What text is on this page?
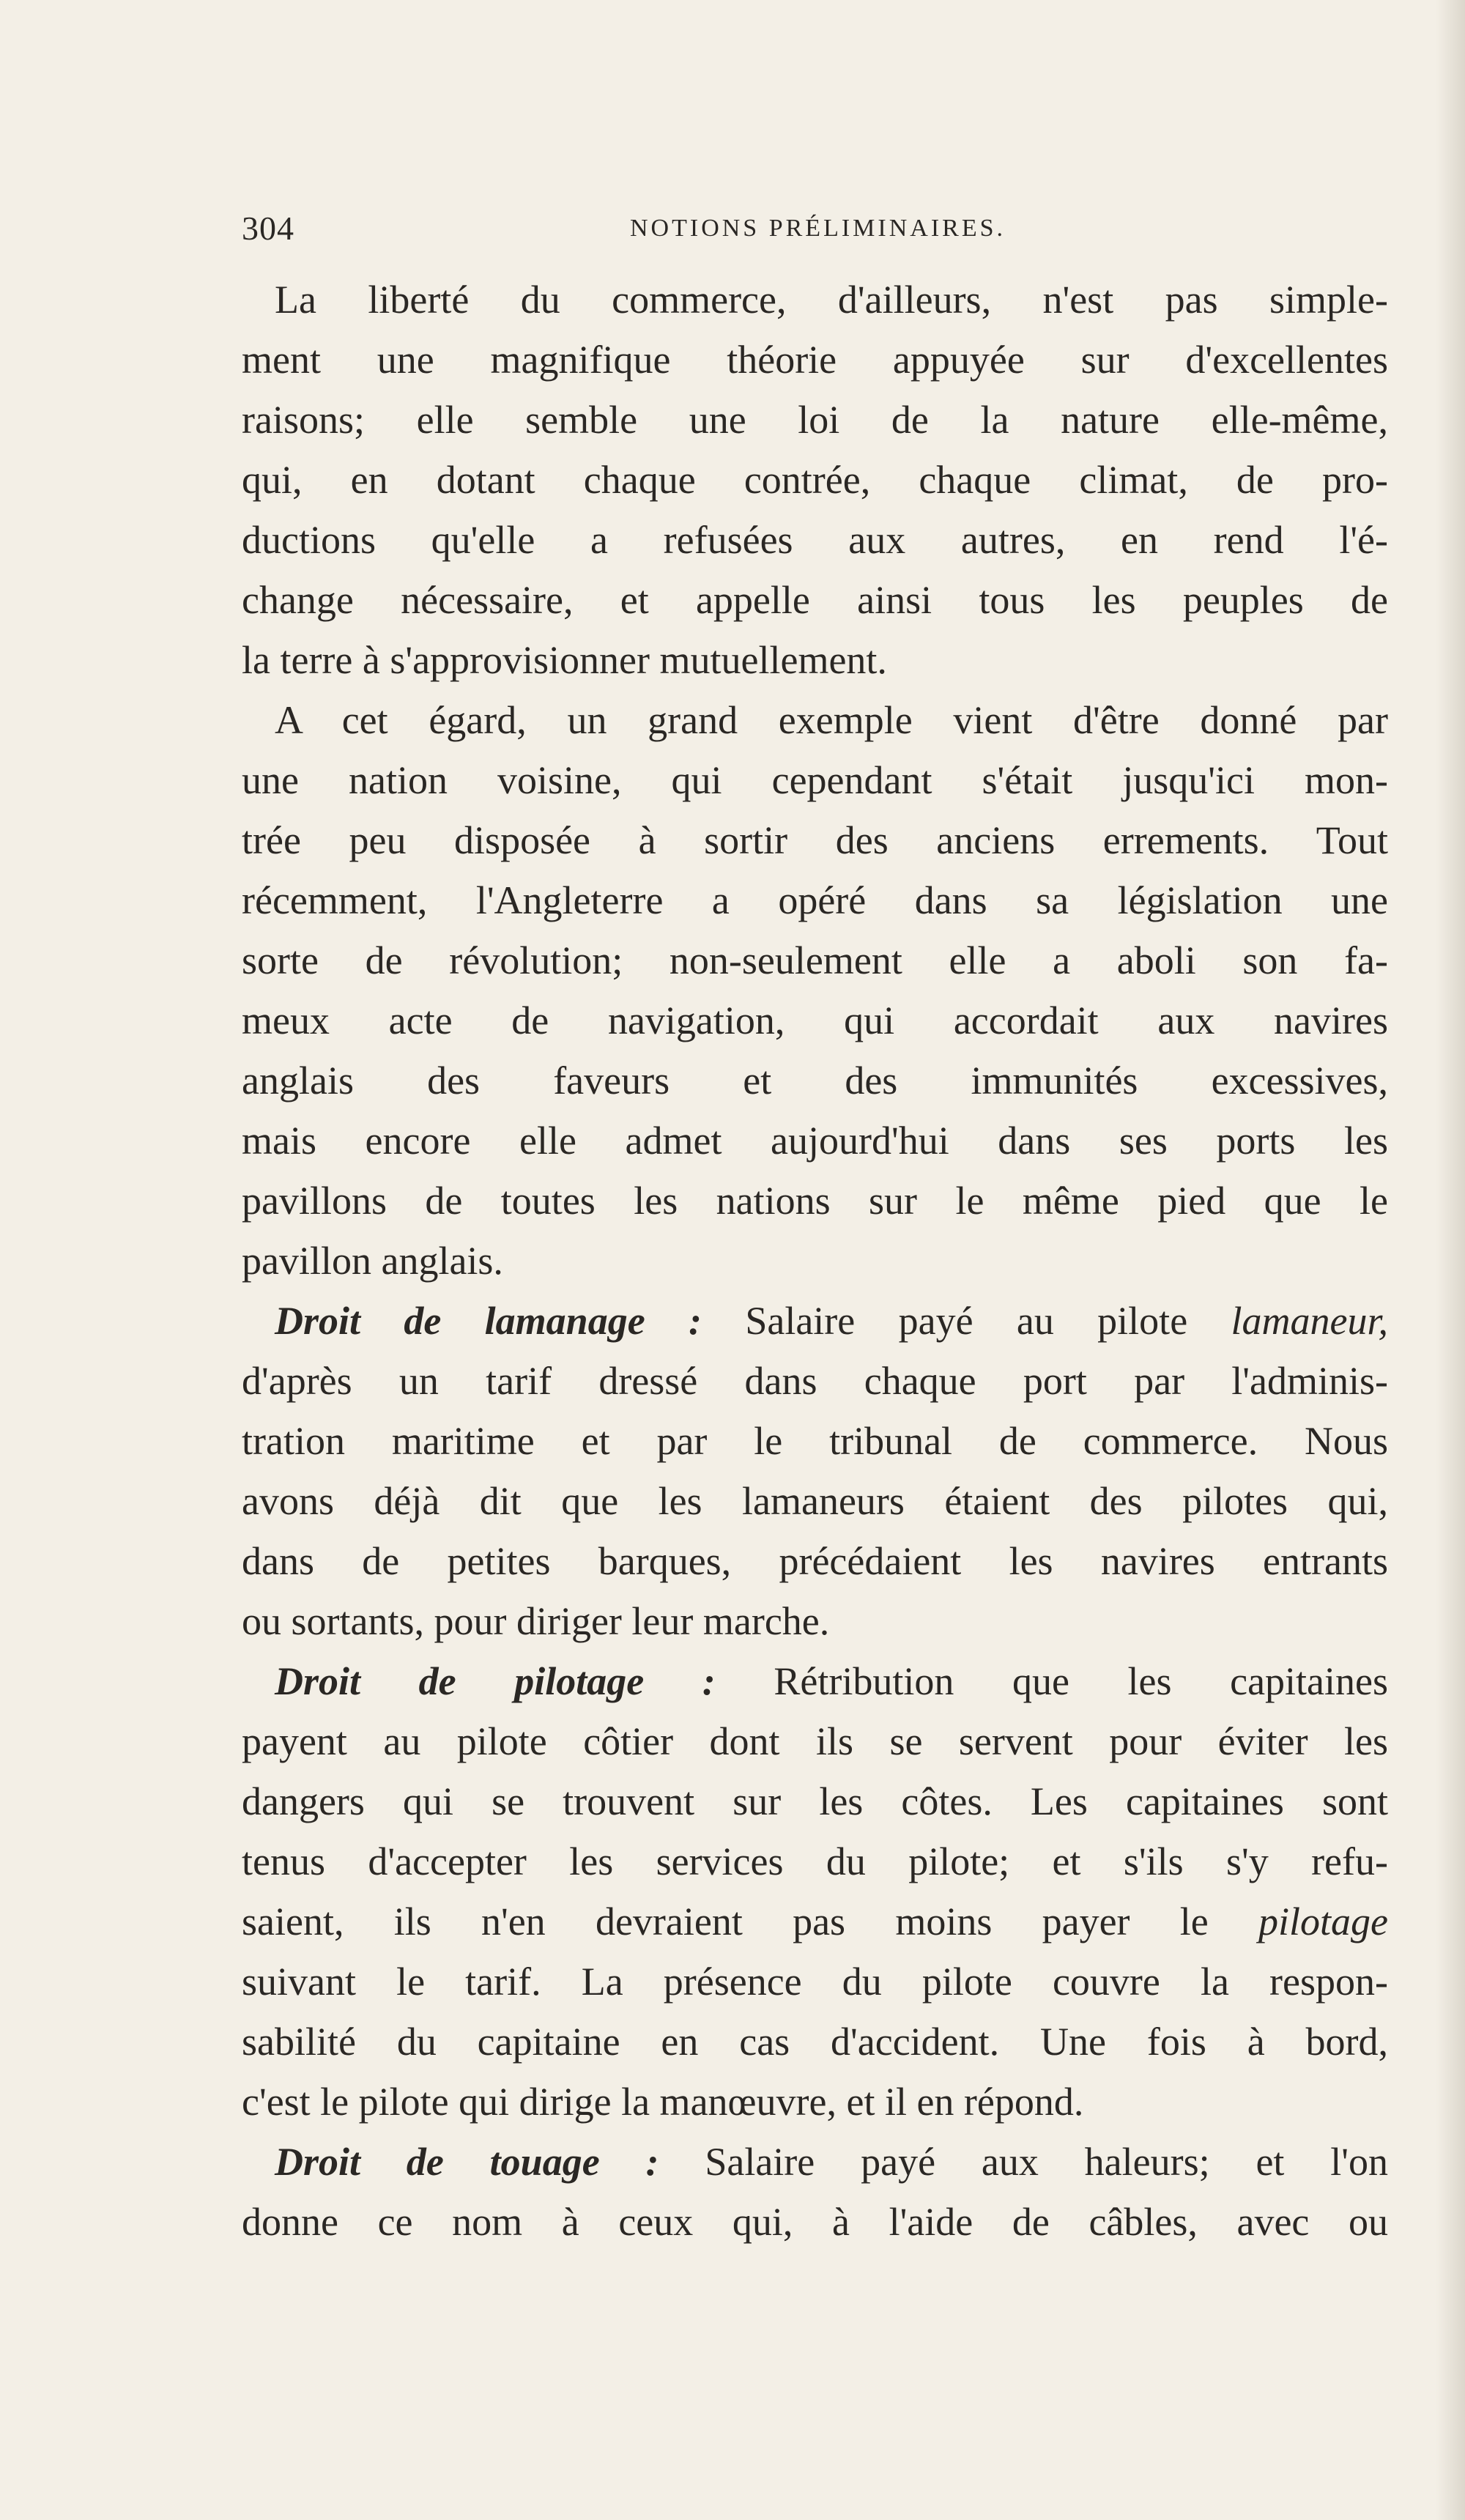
304	NOTIONS PRÉLIMINAIRES.
La liberté du commerce, d'ailleurs, n'est pas simple-
ment une magnifique théorie appuyée sur d'excellentes
raisons; elle semble une loi de la nature elle-même,
qui, en dotant chaque contrée, chaque climat, de pro-
ductions qu'elle a refusées aux autres, en rend l'é-
change nécessaire, et appelle ainsi tous les peuples de
la terre à s'approvisionner mutuellement.
A cet égard, un grand exemple vient d'être donné par
une nation voisine, qui cependant s'était jusqu'ici mon-
trée peu disposée à sortir des anciens errements. Tout
récemment, l'Angleterre a opéré dans sa législation une
sorte de révolution; non-seulement elle a aboli son fa-
meux acte de navigation, qui accordait aux navires
anglais des faveurs et des immunités excessives,
mais encore elle admet aujourd'hui dans ses ports les
pavillons de toutes les nations sur le même pied que le
pavillon anglais.
Droit de lamanage : Salaire payé au pilote lamaneur,
d'après un tarif dressé dans chaque port par l'adminis-
tration maritime et par le tribunal de commerce. Nous
avons déjà dit que les lamaneurs étaient des pilotes qui,
dans de petites barques, précédaient les navires entrants
ou sortants, pour diriger leur marche.
Droit de pilotage : Rétribution que les capitaines
payent au pilote côtier dont ils se servent pour éviter les
dangers qui se trouvent sur les côtes. Les capitaines sont
tenus d'accepter les services du pilote; et s'ils s'y refu-
saient, ils n'en devraient pas moins payer le pilotage
suivant le tarif. La présence du pilote couvre la respon-
sabilité du capitaine en cas d'accident. Une fois à bord,
c'est le pilote qui dirige la manœuvre, et il en répond.
Droit de touage : Salaire payé aux haleurs; et l'on
donne ce nom à ceux qui, à l'aide de câbles, avec ou
